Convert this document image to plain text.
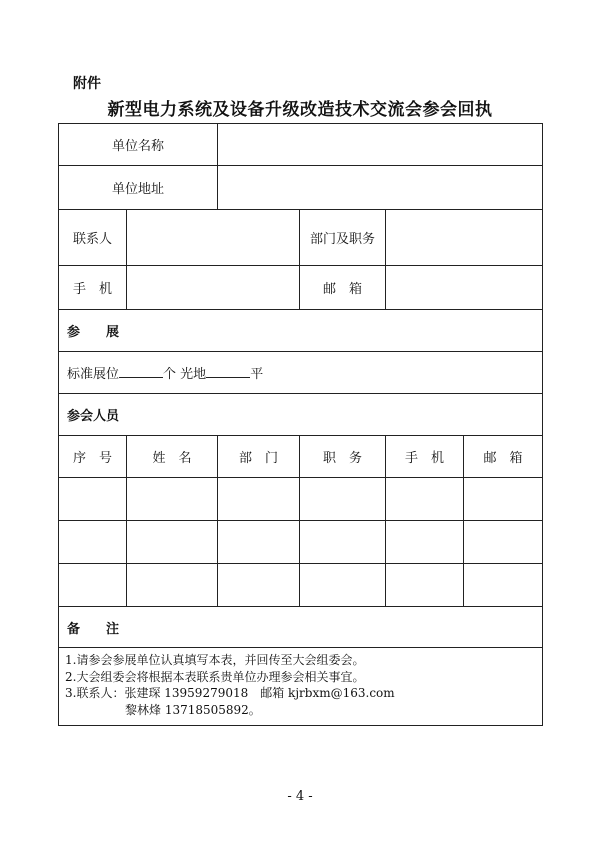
附件
新型电力系统及设备升级改造技术交流会参会回执
单位名称					
单位地址					
联系人			部门及职务		
手　机			邮　箱		
参　　展					
标准展位 个 光地 平					
参会人员					
序　号	姓　名	部　门	职　务	手　机	邮　箱

备　　注					

1.请参会参展单位认真填写本表，并回传至大会组委会。
2.大会组委会将根据本表联系贵单位办理参会相关事宜。
3.联系人：张建琛 13959279018　邮箱 kjrbxm@163.com
　　　　　黎林烽 13718505892。					
- 4 -
